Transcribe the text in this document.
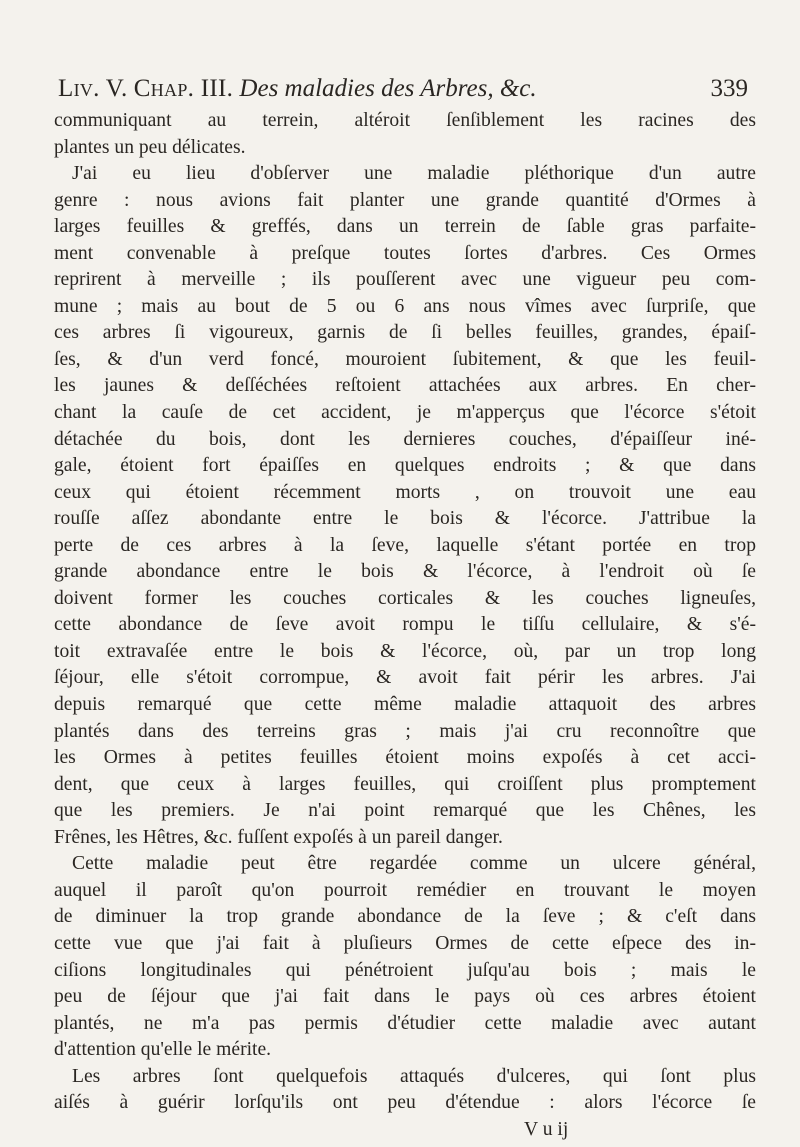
Liv. V. Chap. III. Des maladies des Arbres, &c.	339
communiquant au terrein, altéroit ſenſiblement les racines des
plantes un peu délicates.
J'ai eu lieu d'obſerver une maladie pléthorique d'un autre
genre : nous avions fait planter une grande quantité d'Ormes à
larges feuilles & greffés, dans un terrein de ſable gras parfaite-
ment convenable à preſque toutes ſortes d'arbres. Ces Ormes
reprirent à merveille ; ils pouſſerent avec une vigueur peu com-
mune ; mais au bout de 5 ou 6 ans nous vîmes avec ſurpriſe, que
ces arbres ſi vigoureux, garnis de ſi belles feuilles, grandes, épaiſ-
ſes, & d'un verd foncé, mouroient ſubitement, & que les feuil-
les jaunes & deſſéchées reſtoient attachées aux arbres. En cher-
chant la cauſe de cet accident, je m'apperçus que l'écorce s'étoit
détachée du bois, dont les dernieres couches, d'épaiſſeur iné-
gale, étoient fort épaiſſes en quelques endroits ; & que dans
ceux qui étoient récemment morts , on trouvoit une eau
rouſſe aſſez abondante entre le bois & l'écorce. J'attribue la
perte de ces arbres à la ſeve, laquelle s'étant portée en trop
grande abondance entre le bois & l'écorce, à l'endroit où ſe
doivent former les couches corticales & les couches ligneuſes,
cette abondance de ſeve avoit rompu le tiſſu cellulaire, & s'é-
toit extravaſée entre le bois & l'écorce, où, par un trop long
ſéjour, elle s'étoit corrompue, & avoit fait périr les arbres. J'ai
depuis remarqué que cette même maladie attaquoit des arbres
plantés dans des terreins gras ; mais j'ai cru reconnoître que
les Ormes à petites feuilles étoient moins expoſés à cet acci-
dent, que ceux à larges feuilles, qui croiſſent plus promptement
que les premiers. Je n'ai point remarqué que les Chênes, les
Frênes, les Hêtres, &c. fuſſent expoſés à un pareil danger.
Cette maladie peut être regardée comme un ulcere général,
auquel il paroît qu'on pourroit remédier en trouvant le moyen
de diminuer la trop grande abondance de la ſeve ; & c'eſt dans
cette vue que j'ai fait à pluſieurs Ormes de cette eſpece des in-
ciſions longitudinales qui pénétroient juſqu'au bois ; mais le
peu de ſéjour que j'ai fait dans le pays où ces arbres étoient
plantés, ne m'a pas permis d'étudier cette maladie avec autant
d'attention qu'elle le mérite.
Les arbres ſont quelquefois attaqués d'ulceres, qui ſont plus
aiſés à guérir lorſqu'ils ont peu d'étendue : alors l'écorce ſe
V u ij
